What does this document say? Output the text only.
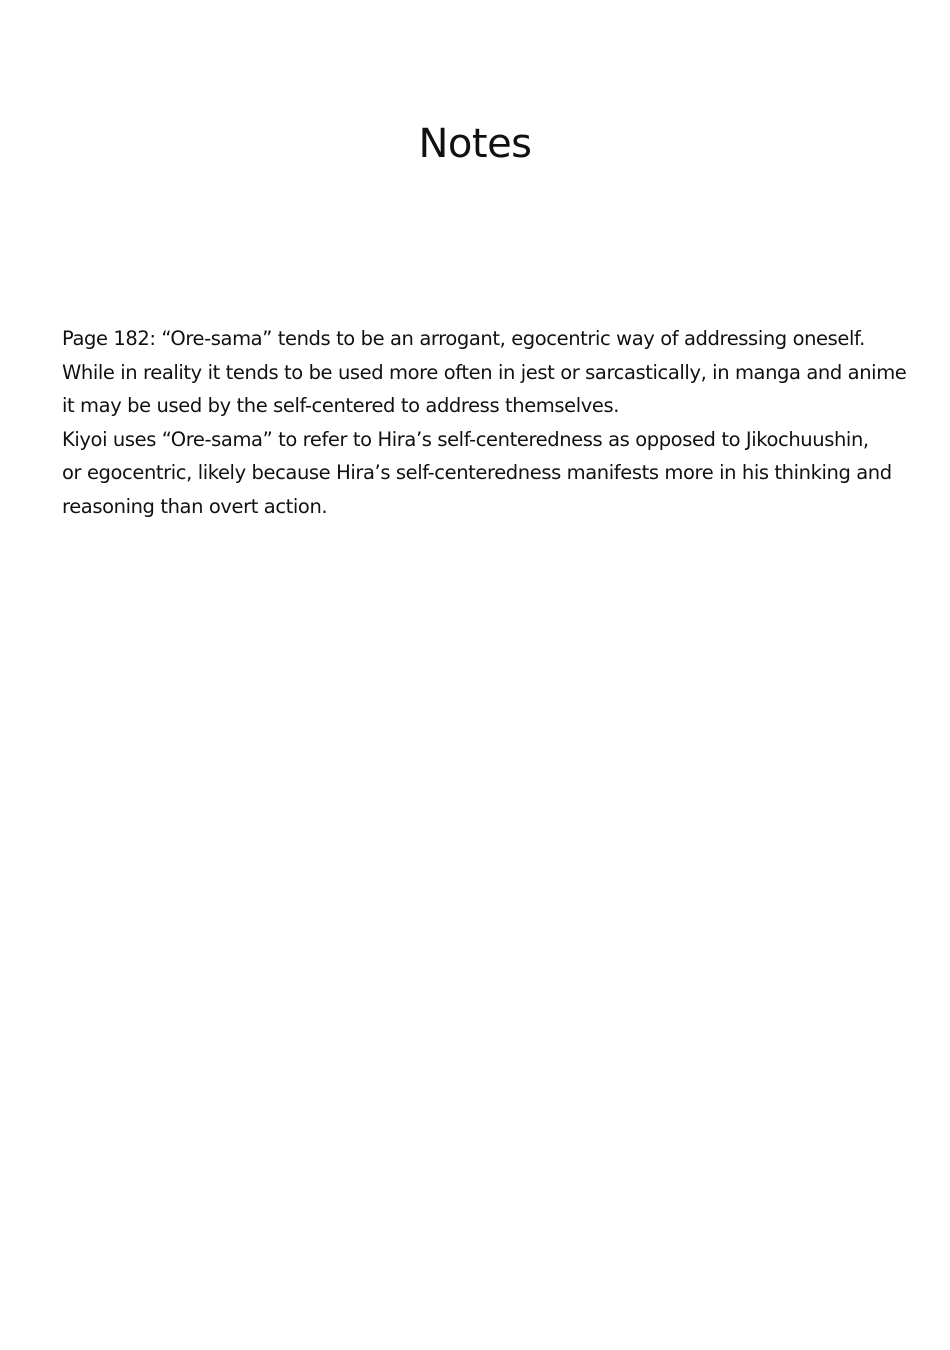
Notes
Page 182: “Ore-sama” tends to be an arrogant, egocentric way of addressing oneself.
While in reality it tends to be used more often in jest or sarcastically, in manga and anime
it may be used by the self-centered to address themselves.
Kiyoi uses “Ore-sama” to refer to Hira’s self-centeredness as opposed to Jikochuushin,
or egocentric, likely because Hira’s self-centeredness manifests more in his thinking and
reasoning than overt action.
